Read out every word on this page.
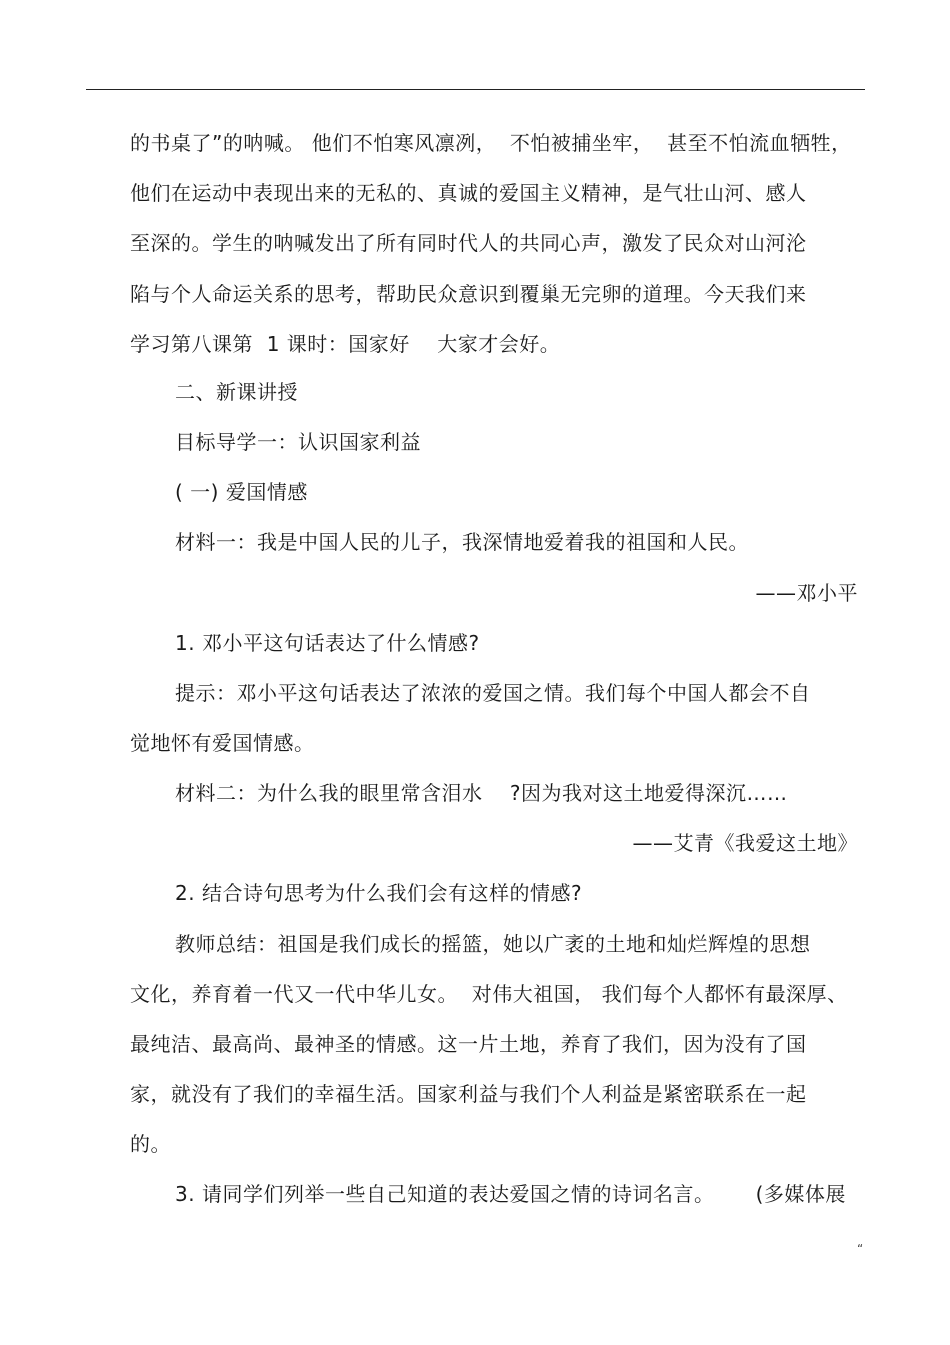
的书桌了”的呐喊。 他们不怕寒风凛冽，  不怕被捕坐牢，  甚至不怕流血牺牲，
他们在运动中表现出来的无私的、真诚的爱国主义精神，是气壮山河、感人
至深的。学生的呐喊发出了所有同时代人的共同心声，激发了民众对山河沦
陷与个人命运关系的思考，帮助民众意识到覆巢无完卵的道理。今天我们来
学习第八课第  1 课时：国家好    大家才会好。
二、新课讲授
目标导学一：认识国家利益
( 一) 爱国情感
材料一：我是中国人民的儿子，我深情地爱着我的祖国和人民。
——邓小平
1. 邓小平这句话表达了什么情感?
提示：邓小平这句话表达了浓浓的爱国之情。我们每个中国人都会不自
觉地怀有爱国情感。
材料二：为什么我的眼里常含泪水    ?因为我对这土地爱得深沉……
——艾青《我爱这土地》
2. 结合诗句思考为什么我们会有这样的情感?
教师总结：祖国是我们成长的摇篮，她以广袤的土地和灿烂辉煌的思想
文化，养育着一代又一代中华儿女。  对伟大祖国， 我们每个人都怀有最深厚、
最纯洁、最高尚、最神圣的情感。这一片土地，养育了我们，因为没有了国
家，就没有了我们的幸福生活。国家利益与我们个人利益是紧密联系在一起
的。
3. 请同学们列举一些自己知道的表达爱国之情的诗词名言。      (多媒体展
“
